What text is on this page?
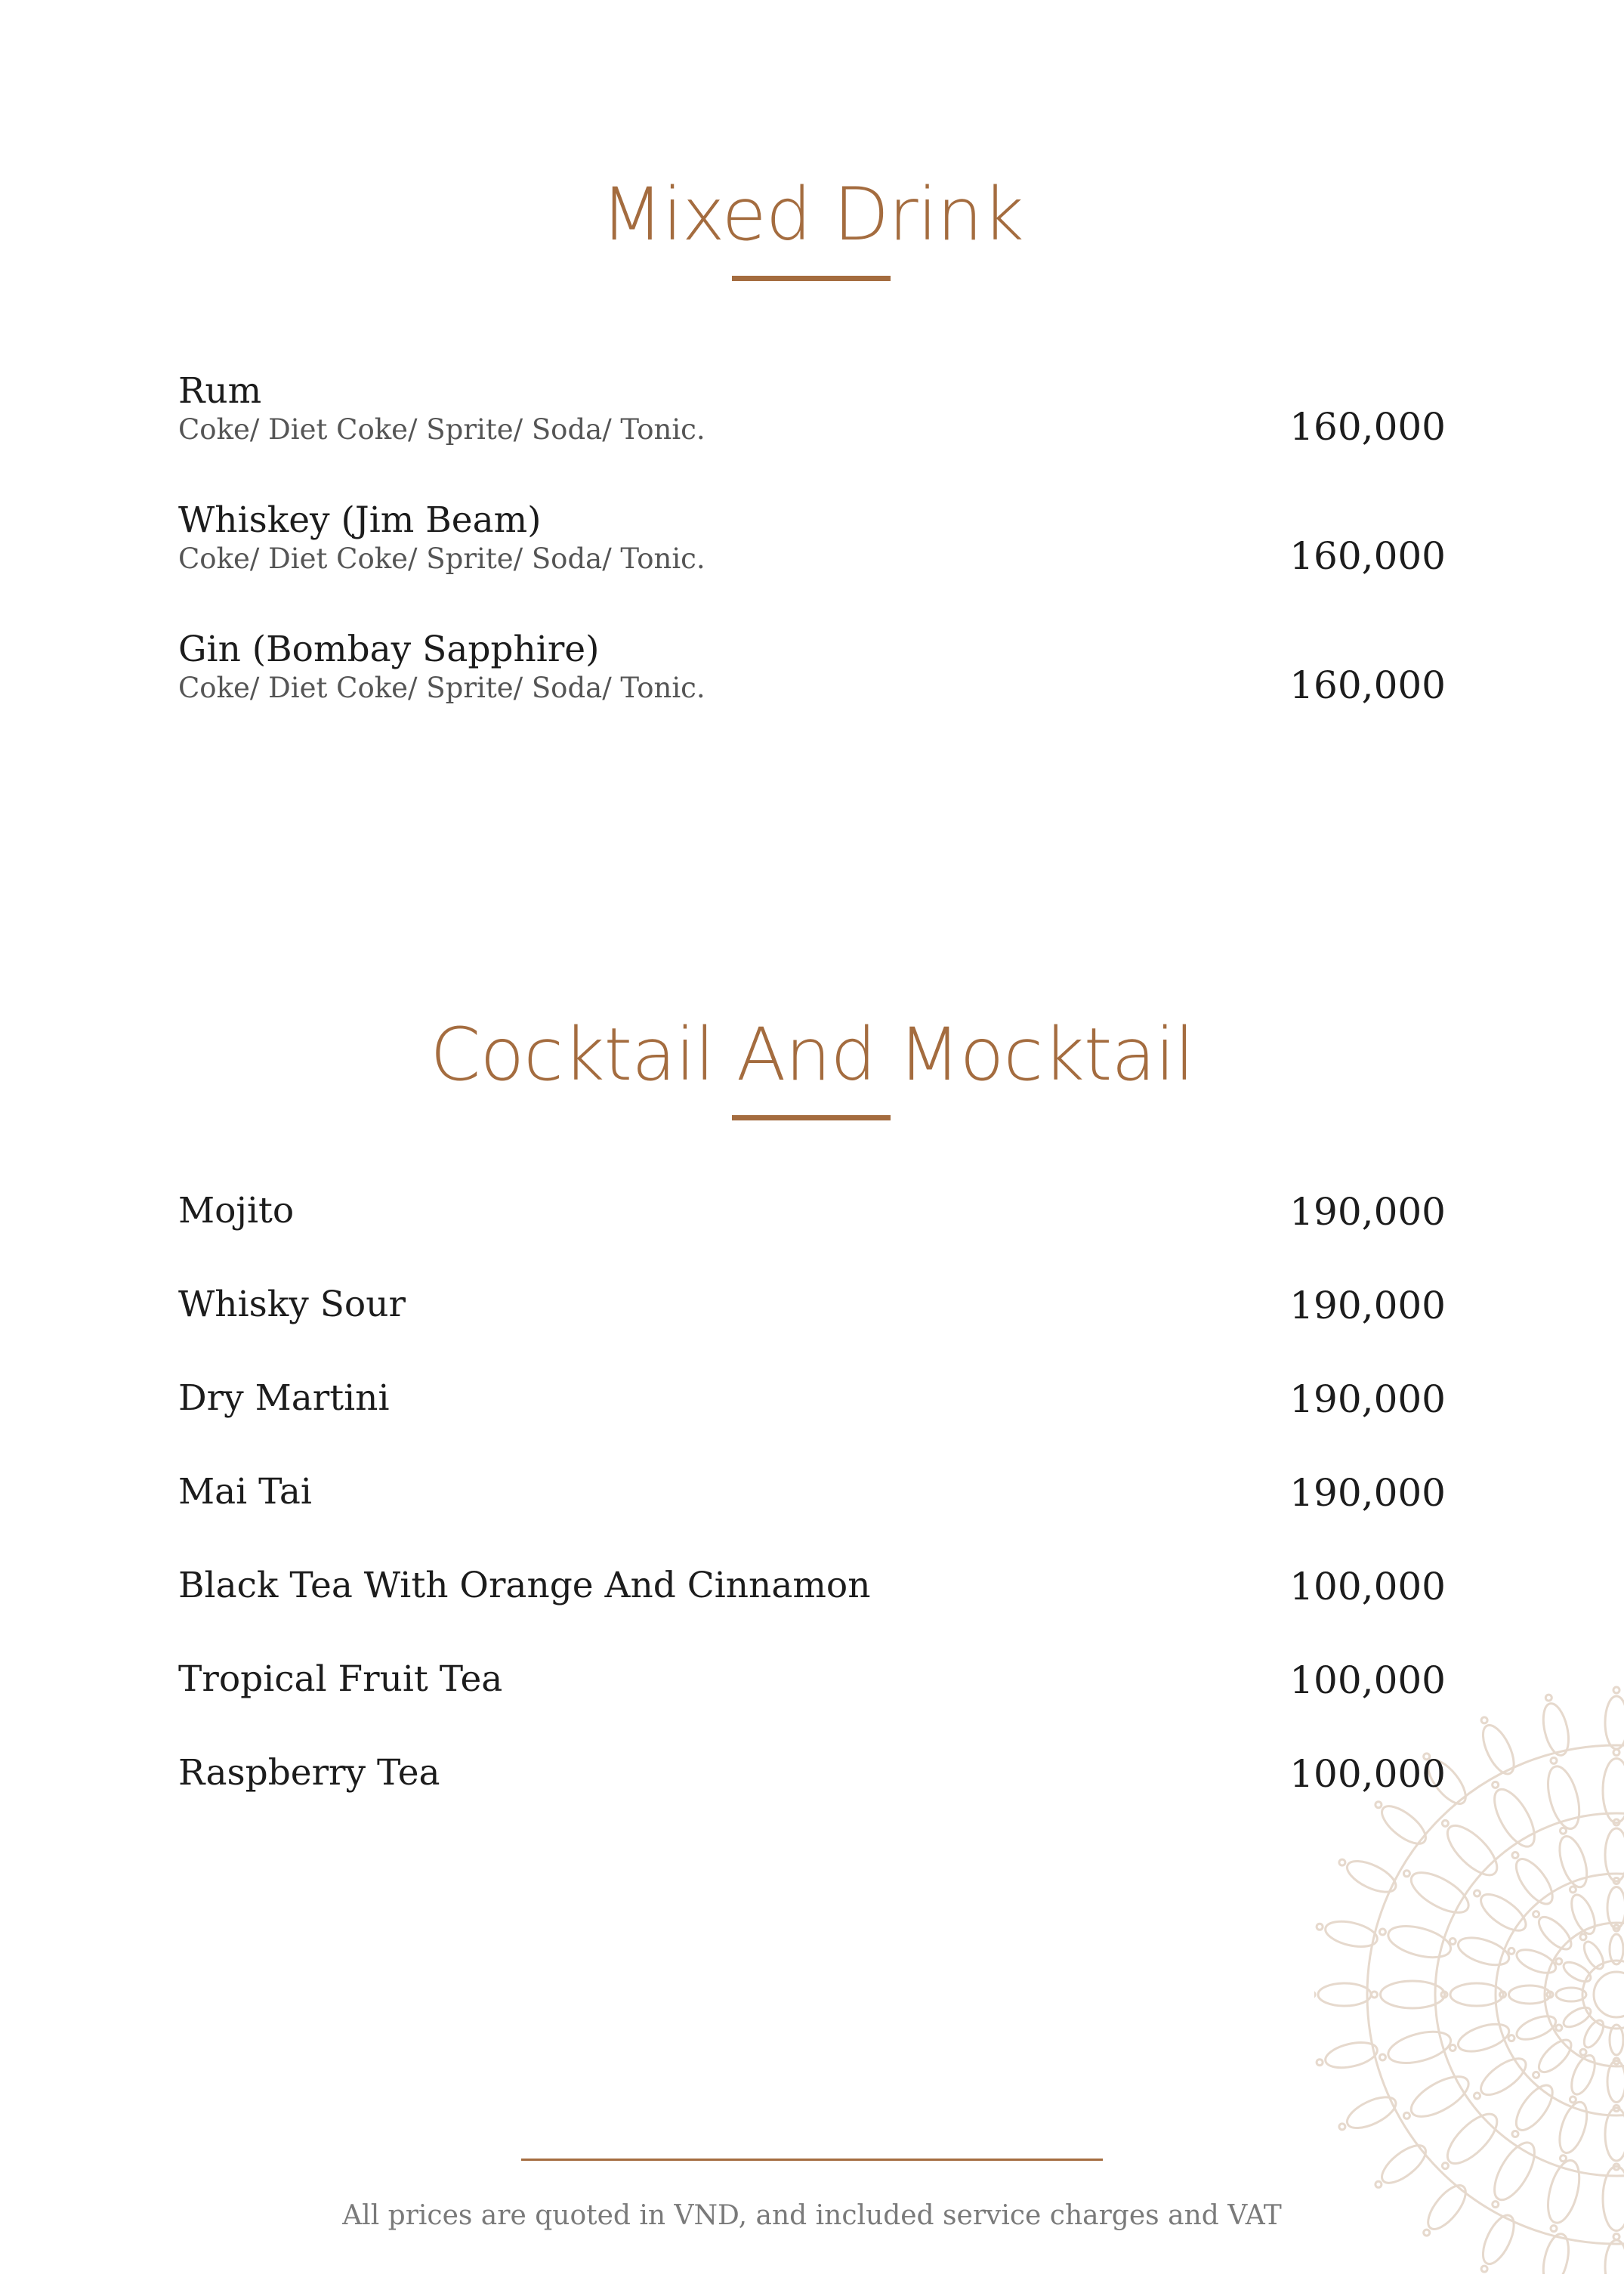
Mixed Drink
Rum
Coke/ Diet Coke/ Sprite/ Soda/ Tonic.	160,000
Whiskey (Jim Beam)
Coke/ Diet Coke/ Sprite/ Soda/ Tonic.	160,000
Gin (Bombay Sapphire)
Coke/ Diet Coke/ Sprite/ Soda/ Tonic.	160,000
Cocktail And Mocktail
Mojito	190,000
Whisky Sour	190,000
Dry Martini	190,000
Mai Tai	190,000
Black Tea With Orange And Cinnamon	100,000
Tropical Fruit Tea	100,000
Raspberry Tea	100,000
All prices are quoted in VND, and included service charges and VAT
